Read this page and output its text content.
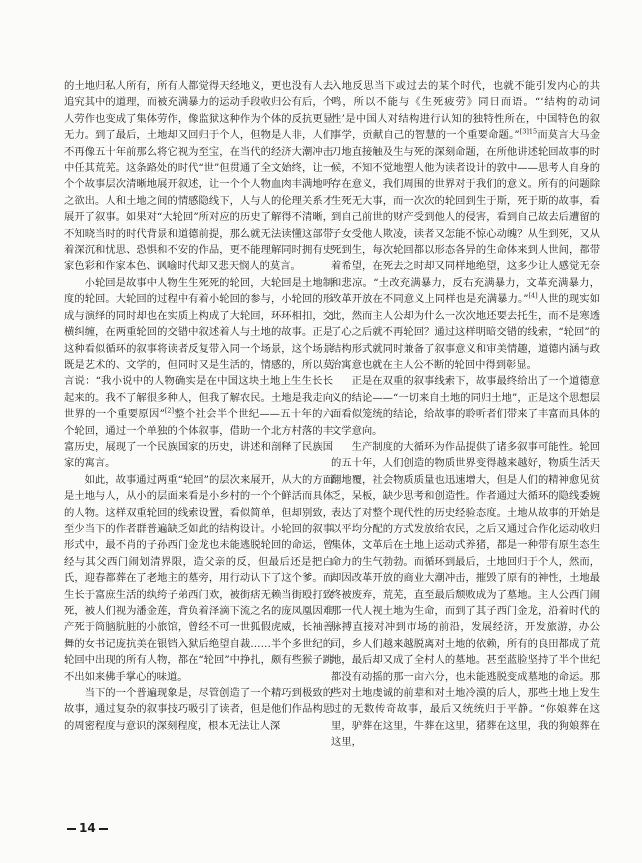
的土地归私人所有，所有人都觉得天经地义，更也没有人去追究其中的道理，而被充满暴力的运动手段收归公有后，个人劳作也变成了集体劳作，像监狱这种作为个体的反抗更显无力。到了最后，土地却又回归于个人，但物是人非，人们不再像五十年前那么将它视为至宝，在当代的经济大潮冲击中任其荒芜。这条路处的时代“世”但贯通了全文始终，让一个个故事层次清晰地展开叙述，让一个个人物血肉丰满地呼之欲出。人和土地之间的情感隐线下，人与人的伦理关系才展开了叙事。如果对“大轮回”所对应的历史了解得不清晰，不知晓当时的时代背景和道德前提，那么就无法读懂这部带着深沉和忧思、恐惧和不安的作品，更不能理解同时拥有史家色彩和作家本色、讽喻时代却又悲天悯人的莫言。

小轮回是故事中人物生生死死的轮回，大轮回是土地制度的轮回。大轮回的过程中有着小轮回的参与，小轮回的形成与演绎的同时却也在实质上构成了大轮回，环环相扣，交横纠缠，在两重轮回的交错中叙述着人与土地的故事。正是这种看似循环的叙事将读者反复带入同一个场景，这个场景既是艺术的、文学的，但同时又是生活的，情感的，所以莫言说：“我小说中的人物确实是在中国这块土地上生生长长起来的。我不了解很多种人，但我了解农民。土地是我走向世界的一个重要原因”[2]整个社会半个世纪——五十年的六个轮回，通过一个单独的个体叙事，借助一个北方村落的丰富历史，展现了一个民族国家的历史，讲述和剖释了民族国家的寓言。

如此，故事通过两重“轮回”的层次来展开，从大的方面是土地与人，从小的层面来看是小乡村的一个个鲜活而具体的人物。这样双重轮回的线索设置，看似简单，但却别致，至少当下的作者群普遍缺乏如此的结构设计。小轮回的叙事形式中，最不肖的子孙西门金龙也未能逃脱轮回的命运，曾经与其父西门闹划清界限，造父亲的反，但最后还是把白氏，迎春都葬在了老地主的墓旁，用行动认下了这个爹。而生长于富庶生活的纨绔子弟西门欢，被街痞无赖当街殴打致死，被人们视为潘金莲，背负着泽滴下流之名的庞凤凰因难产死于筒脑肮脏的小旅馆，曾经不可一世狐假虎威，长袖善舞的女书记庞抗美在银铛入狱后绝望自裁……半个多世纪的轮回中出现的所有人物，都在“轮回”中挣扎，颇有些猴子跳不出如来佛手掌心的味道。

当下的一个普遍现象是，尽管创造了一个精巧到极致的故事，通过复杂的叙事技巧吸引了读者，但是他们作品构思的周密程度与意识的深刻程度，根本无法让人深

入地反思当下或过去的某个时代，也就不能引发内心的共鸣，所以不能与《生死疲劳》同日而语。“‘结构的动词性’是中国人对结构进行认知的独特性所在，中国特色的叙事学，贡献自己的智慧的一个重要命题。”$^{[3]15}$而莫言大马金刀地直接触及生与死的深刻命题，在所他讲述轮回故事的时候，不知不觉地塑人他为读者设计的敦中——思考人自身的存在意义，我们周围的世界对于我们的意义。所有的问题除生死无大事，而一次次的轮回到生于斯，死于斯的故事，看到自己前世的财产受到他人的侵害，看到自己故去后遭留的子女受他人欺凌，读者又怎能不惊心动魄？从生到死，又从死到生，每次轮回都以形态各异的生命体来到人世间，都带着希望，在死去之时却又同样地绝望，这多少让人感觉无奈和悲凉。“土改充满暴力，反右充满暴力，文革充满暴力，改革开放在不同意义上同样也是充满暴力。”[4]人世的现实如此，然而主人公却为什么一次次地还要去托生，而不是寒透了心之后就不再轮回？通过这样明暗交错的线索，“轮回”的结构形式就同时兼备了叙事意义和审美情趣，道德内涵与政治寓意也就在主人公不断的轮回中得到彰显。

正是在双重的叙事线索下，故事最终给出了一个道德意义的结论——“一切来自土地的同归土地”，正是这个思想层面看似笼统的结论，给故事的聆听者们带来了丰富而具体的文学意向。

生产制度的大循环为作品提供了诸多叙事可能性。轮回的五十年，人们创造的物质世界变得越来越好，物质生活天翻地覆，社会物质质量也迅速增大，但是人们的精神愈见贫乏，呆板，缺少思考和创造性。作者通过大循环的隐线委婉表达了对整个现代性的历史经验态度。土地从故事的开始是以平均分配的方式发放给农民，之后又通过合作化运动收归集体，文革后在土地上运动式养猪，都是一种带有原生态生命力的生气勃勃。而循环到最后，土地回归于个人，然而，却因改革开放的商业大潮冲击，摧毁了原有的神性，土地最终被废弃，荒芜，直至最后颓败成为了墓地。主人公西门闹那一代人视土地为生命，而到了其子西门金龙，沿着时代的脉搏直接对冲到市场的前沿，发展经济，开发旅游，办公司，乡人们越来越脱离对土地的依赖，所有的良田都成了荒地，最后却又成了全村人的墓地。甚至蓝脸坚持了半个世纪都没有动摇的那一亩六分，也未能逃脱变成墓地的命运。那些对土地虔诚的前辈和对土地冷漠的后人，那些土地上发生过的无数传奇故事，最后又统统归于平静。“你娘葬在这里，驴葬在这里，牛葬在这里，猪葬在这里，我的狗娘葬在这里，

14
